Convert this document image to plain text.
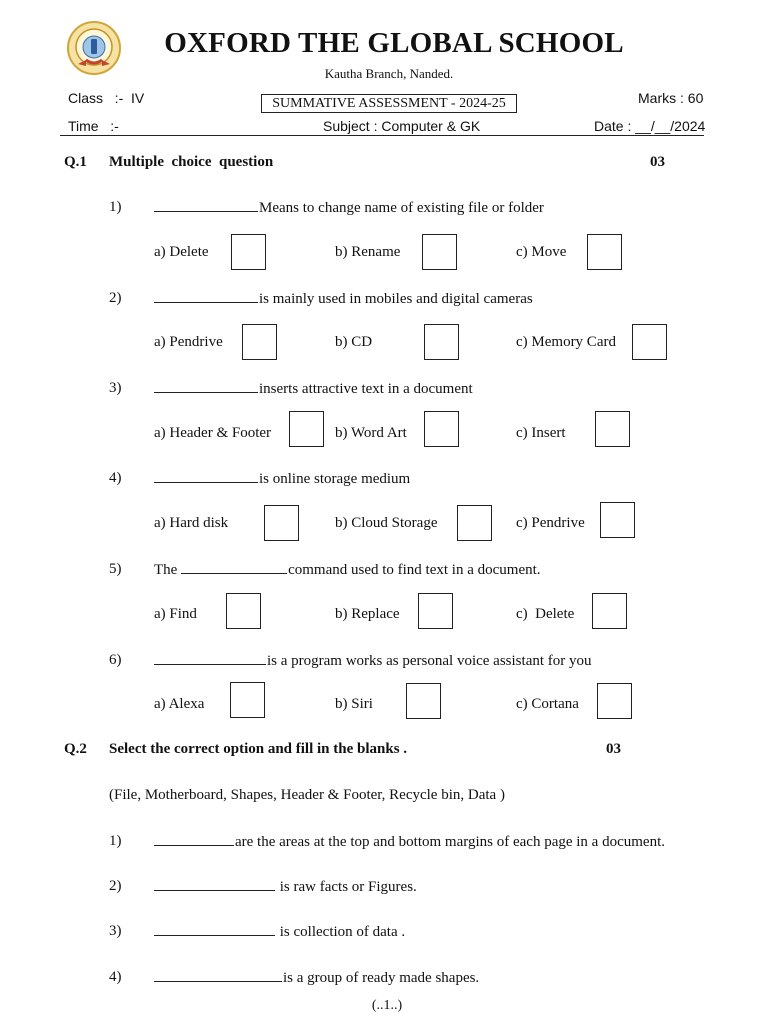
OXFORD THE GLOBAL SCHOOL
Kautha Branch, Nanded.
Class   :-  IV	SUMMATIVE ASSESSMENT - 2024-25	Marks : 60
Time   :-	Subject : Computer & GK	Date : __/__/2024
Q.1 Multiple  choice  question	03
1)	Means to change name of existing file or folder
a) Delete	b) Rename	c) Move
2)	is mainly used in mobiles and digital cameras
a) Pendrive	b) CD	c) Memory Card
3)	inserts attractive text in a document
a) Header & Footer	b) Word Art	c) Insert
4)	is online storage medium
a) Hard disk	b) Cloud Storage	c) Pendrive
5) The	command used to find text in a document.
a) Find	b) Replace	c)  Delete
6)	is a program works as personal voice assistant for you
a) Alexa	b) Siri	c) Cortana
Q.2 Select the correct option and fill in the blanks .	03
(File, Motherboard, Shapes, Header & Footer, Recycle bin, Data )
1)	are the areas at the top and bottom margins of each page in a document.
2)	is raw facts or Figures.
3)	is collection of data .
4)	is a group of ready made shapes.
(..1..)
